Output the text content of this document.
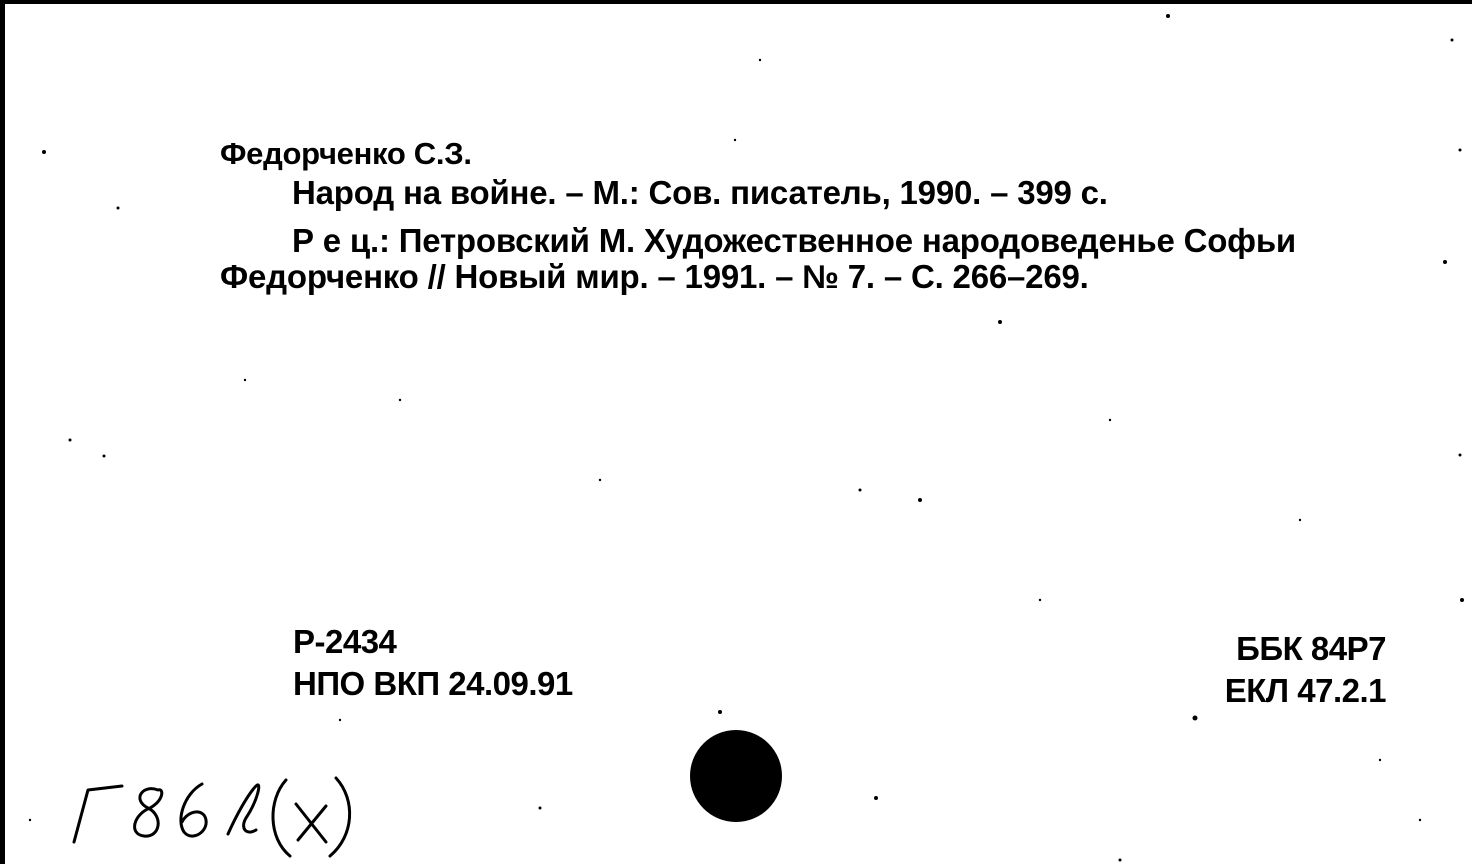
Федорченко С.З.
Народ на войне. – М.: Сов. писатель, 1990. – 399 с.
Р е ц.: Петровский М. Художественное народоведенье Софьи
Федорченко // Новый мир. – 1991. – № 7. – С. 266–269.
Р-2434
НПО ВКП 24.09.91
ББК 84Р7
ЕКЛ 47.2.1
